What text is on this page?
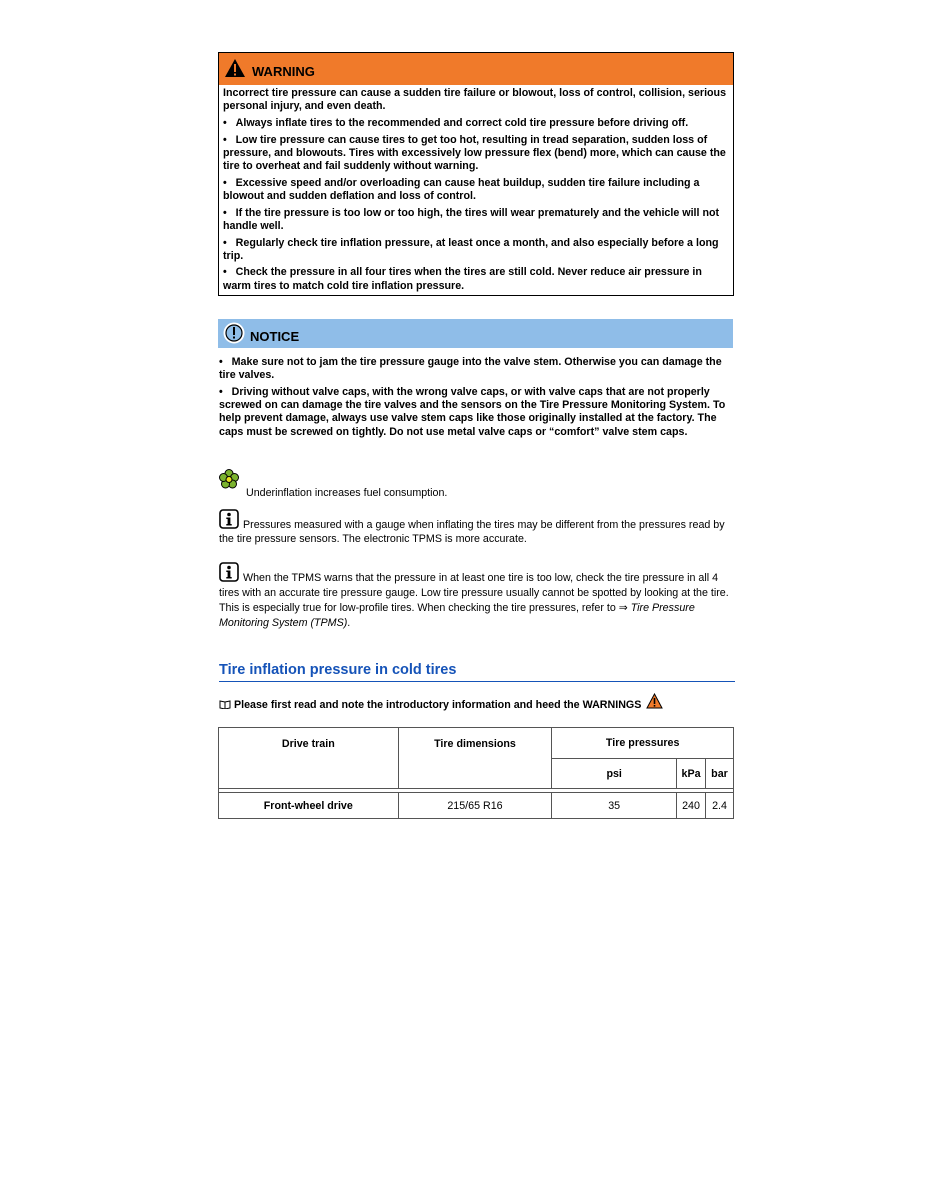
WARNING

Incorrect tire pressure can cause a sudden tire failure or blowout, loss of control, collision, serious personal injury, and even death.

•   Always inflate tires to the recommended and correct cold tire pressure before driving off.

•   Low tire pressure can cause tires to get too hot, resulting in tread separation, sudden loss of pressure, and blowouts. Tires with excessively low pressure flex (bend) more, which can cause the tire to overheat and fail suddenly without warning.

•   Excessive speed and/or overloading can cause heat buildup, sudden tire failure including a blowout and sudden deflation and loss of control.

•   If the tire pressure is too low or too high, the tires will wear prematurely and the vehicle will not handle well.

•   Regularly check tire inflation pressure, at least once a month, and also especially before a long trip.

•   Check the pressure in all four tires when the tires are still cold. Never reduce air pressure in warm tires to match cold tire inflation pressure.

NOTICE

•   Make sure not to jam the tire pressure gauge into the valve stem. Otherwise you can damage the tire valves.

•   Driving without valve caps, with the wrong valve caps, or with valve caps that are not properly screwed on can damage the tire valves and the sensors on the Tire Pressure Monitoring System. To help prevent damage, always use valve stem caps like those originally installed at the factory. The caps must be screwed on tightly. Do not use metal valve caps or “comfort” valve stem caps.

Underinflation increases fuel consumption.
Pressures measured with a gauge when inflating the tires may be different from the pressures read by the tire pressure sensors. The electronic TPMS is more accurate.
When the TPMS warns that the pressure in at least one tire is too low, check the tire pressure in all 4 tires with an accurate tire pressure gauge. Low tire pressure usually cannot be spotted by looking at the tire. This is especially true for low-profile tires. When checking the tire pressures, refer to ⇒ Tire Pressure Monitoring System (TPMS).
Tire inflation pressure in cold tires
Please first read and note the introductory information and heed the WARNINGS
Drive train	Tire dimensions	Tire pressures		
		psi	kPa	bar

Front-wheel drive	215/65 R16	35	240	2.4
